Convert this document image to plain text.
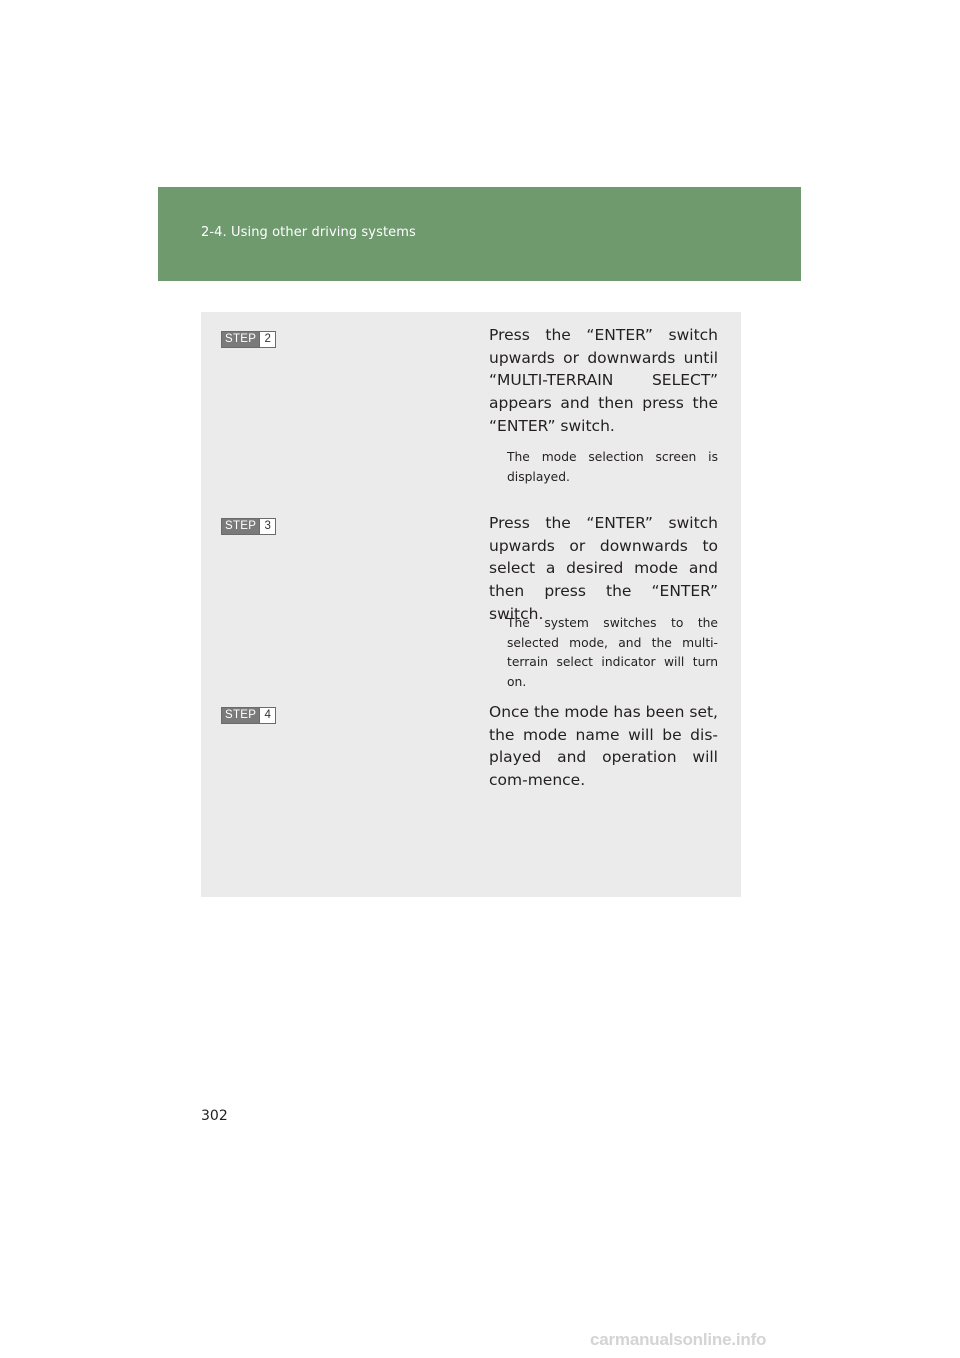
2-4. Using other driving systems
STEP 2	Press the “ENTER” switch upwards or downwards until “MULTI-TERRAIN SELECT” appears and then press the “ENTER” switch.
The mode selection screen is displayed.
STEP 3	Press the “ENTER” switch upwards or downwards to select a desired mode and then press the “ENTER” switch.
The system switches to the selected mode, and the multi-terrain select indicator will turn on.
STEP 4	Once the mode has been set, the mode name will be dis-played and operation will com-mence.
302
carmanualsonline.info
